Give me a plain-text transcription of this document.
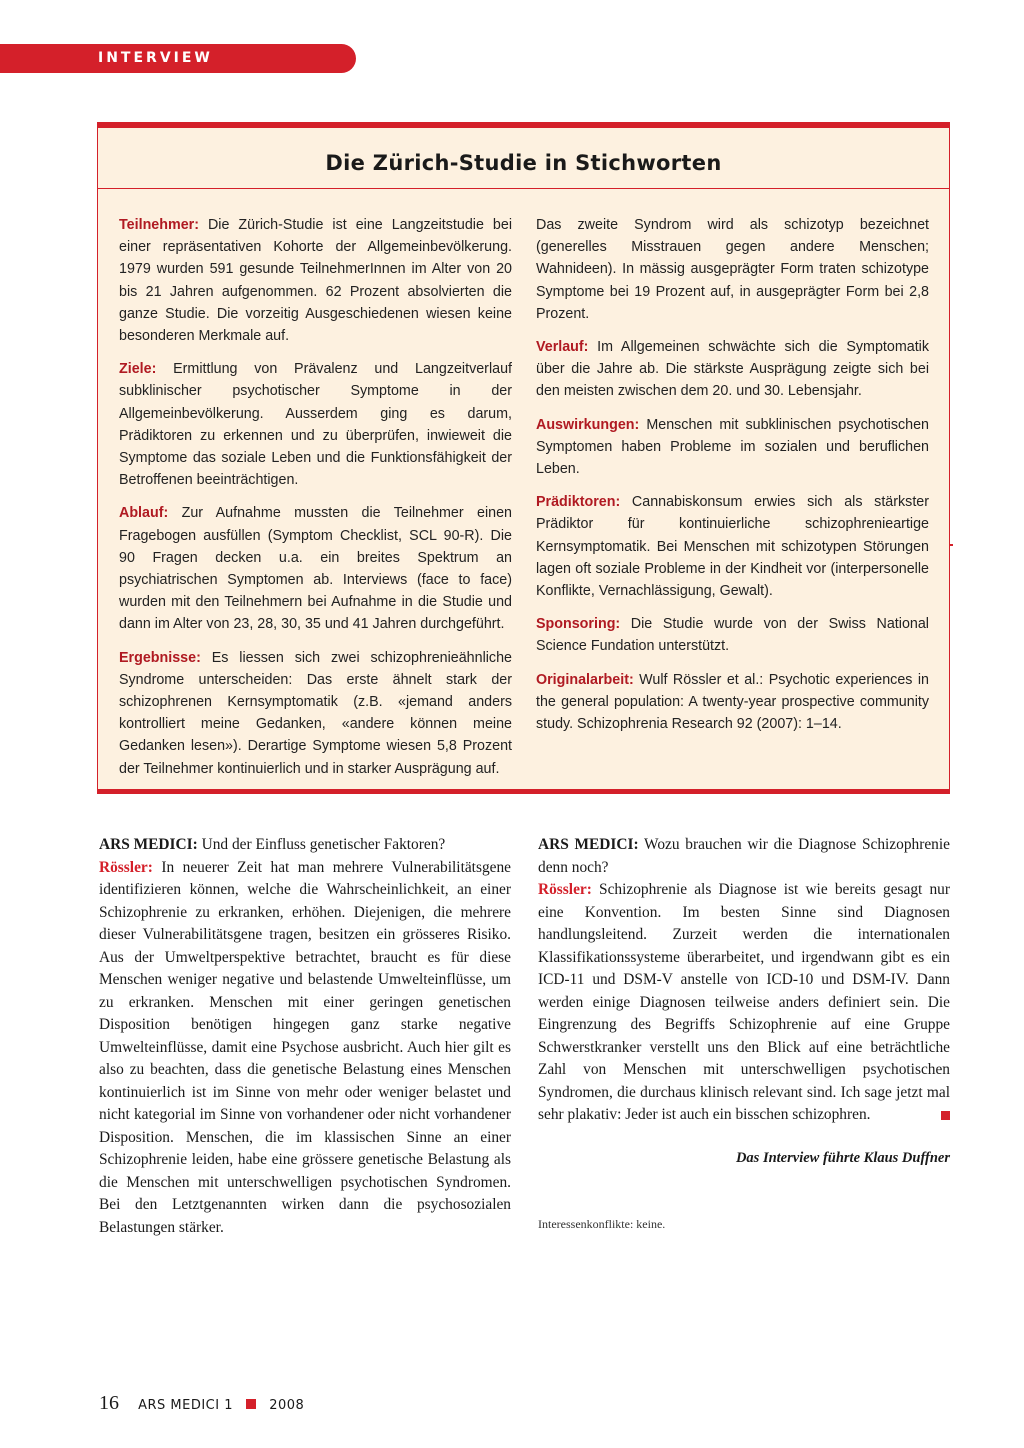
INTERVIEW
Die Zürich-Studie in Stichworten

Teilnehmer: Die Zürich-Studie ist eine Langzeitstudie bei einer repräsentativen Kohorte der Allgemeinbevölkerung. 1979 wurden 591 gesunde TeilnehmerInnen im Alter von 20 bis 21 Jahren aufgenommen. 62 Prozent absolvierten die ganze Studie. Die vorzeitig Ausgeschiedenen wiesen keine besonderen Merkmale auf.

Ziele: Ermittlung von Prävalenz und Langzeitverlauf subklinischer psychotischer Symptome in der Allgemeinbevölkerung. Ausserdem ging es darum, Prädiktoren zu erkennen und zu überprüfen, inwieweit die Symptome das soziale Leben und die Funktionsfähigkeit der Betroffenen beeinträchtigen.

Ablauf: Zur Aufnahme mussten die Teilnehmer einen Fragebogen ausfüllen (Symptom Checklist, SCL 90-R). Die 90 Fragen decken u.a. ein breites Spektrum an psychiatrischen Symptomen ab. Interviews (face to face) wurden mit den Teilnehmern bei Aufnahme in die Studie und dann im Alter von 23, 28, 30, 35 und 41 Jahren durchgeführt.

Ergebnisse: Es liessen sich zwei schizophrenieähnliche Syndrome unterscheiden: Das erste ähnelt stark der schizophrenen Kernsymptomatik (z.B. «jemand anders kontrolliert meine Gedanken, «andere können meine Gedanken lesen»). Derartige Symptome wiesen 5,8 Prozent der Teilnehmer kontinuierlich und in starker Ausprägung auf.

Das zweite Syndrom wird als schizotyp bezeichnet (generelles Misstrauen gegen andere Menschen; Wahnideen). In mässig ausgeprägter Form traten schizotype Symptome bei 19 Prozent auf, in ausgeprägter Form bei 2,8 Prozent.

Verlauf: Im Allgemeinen schwächte sich die Symptomatik über die Jahre ab. Die stärkste Ausprägung zeigte sich bei den meisten zwischen dem 20. und 30. Lebensjahr.

Auswirkungen: Menschen mit subklinischen psychotischen Symptomen haben Probleme im sozialen und beruflichen Leben.

Prädiktoren: Cannabiskonsum erwies sich als stärkster Prädiktor für kontinuierliche schizophrenieartige Kernsymptomatik. Bei Menschen mit schizotypen Störungen lagen oft soziale Probleme in der Kindheit vor (interpersonelle Konflikte, Vernachlässigung, Gewalt).

Sponsoring: Die Studie wurde von der Swiss National Science Fundation unterstützt.

Originalarbeit: Wulf Rössler et al.: Psychotic experiences in the general population: A twenty-year prospective community study. Schizophrenia Research 92 (2007): 1–14.

ARS MEDICI: Und der Einfluss genetischer Faktoren?

Rössler: In neuerer Zeit hat man mehrere Vulnerabilitätsgene identifizieren können, welche die Wahrscheinlichkeit, an einer Schizophrenie zu erkranken, erhöhen. Diejenigen, die mehrere dieser Vulnerabilitätsgene tragen, besitzen ein grösseres Risiko. Aus der Umweltperspektive betrachtet, braucht es für diese Menschen weniger negative und belastende Umwelteinflüsse, um zu erkranken. Menschen mit einer geringen genetischen Disposition benötigen hingegen ganz starke negative Umwelteinflüsse, damit eine Psychose ausbricht. Auch hier gilt es also zu beachten, dass die genetische Belastung eines Menschen kontinuierlich ist im Sinne von mehr oder weniger belastet und nicht kategorial im Sinne von vorhandener oder nicht vorhandener Disposition. Menschen, die im klassischen Sinne an einer Schizophrenie leiden, habe eine grössere genetische Belastung als die Menschen mit unterschwelligen psychotischen Syndromen. Bei den Letztgenannten wirken dann die psychosozialen Belastungen stärker.

ARS MEDICI: Wozu brauchen wir die Diagnose Schizophrenie denn noch?

Rössler: Schizophrenie als Diagnose ist wie bereits gesagt nur eine Konvention. Im besten Sinne sind Diagnosen handlungsleitend. Zurzeit werden die internationalen Klassifikationssysteme überarbeitet, und irgendwann gibt es ein ICD-11 und DSM-V anstelle von ICD-10 und DSM-IV. Dann werden einige Diagnosen teilweise anders definiert sein. Die Eingrenzung des Begriffs Schizophrenie auf eine Gruppe Schwerstkranker verstellt uns den Blick auf eine beträchtliche Zahl von Menschen mit unterschwelligen psychotischen Syndromen, die durchaus klinisch relevant sind. Ich sage jetzt mal sehr plakativ: Jeder ist auch ein bisschen schizophren.

Das Interview führte Klaus Duffner
Interessenkonflikte: keine.
16 ARS MEDICI 1	2008
